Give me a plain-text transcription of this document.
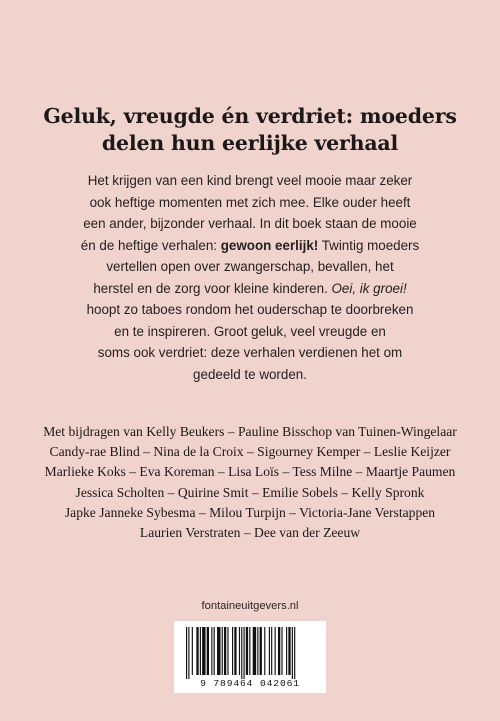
Geluk, vreugde én verdriet: moeders
delen hun eerlijke verhaal
Het krijgen van een kind brengt veel mooie maar zeker
ook heftige momenten met zich mee. Elke ouder heeft
een ander, bijzonder verhaal. In dit boek staan de mooie
én de heftige verhalen: gewoon eerlijk! Twintig moeders
vertellen open over zwangerschap, bevallen, het
herstel en de zorg voor kleine kinderen. Oei, ik groei!
hoopt zo taboes rondom het ouderschap te doorbreken
en te inspireren. Groot geluk, veel vreugde en
soms ook verdriet: deze verhalen verdienen het om
gedeeld te worden.
Met bijdragen van Kelly Beukers – Pauline Bisschop van Tuinen-Wingelaar
Candy-rae Blind – Nina de la Croix – Sigourney Kemper – Leslie Keijzer
Marlieke Koks – Eva Koreman – Lisa Loïs – Tess Milne – Maartje Paumen
Jessica Scholten – Quirine Smit – Emilie Sobels – Kelly Spronk
Japke Janneke Sybesma – Milou Turpijn – Victoria-Jane Verstappen
Laurien Verstraten – Dee van der Zeeuw
fontaineuitgevers.nl
9 789464 042061
